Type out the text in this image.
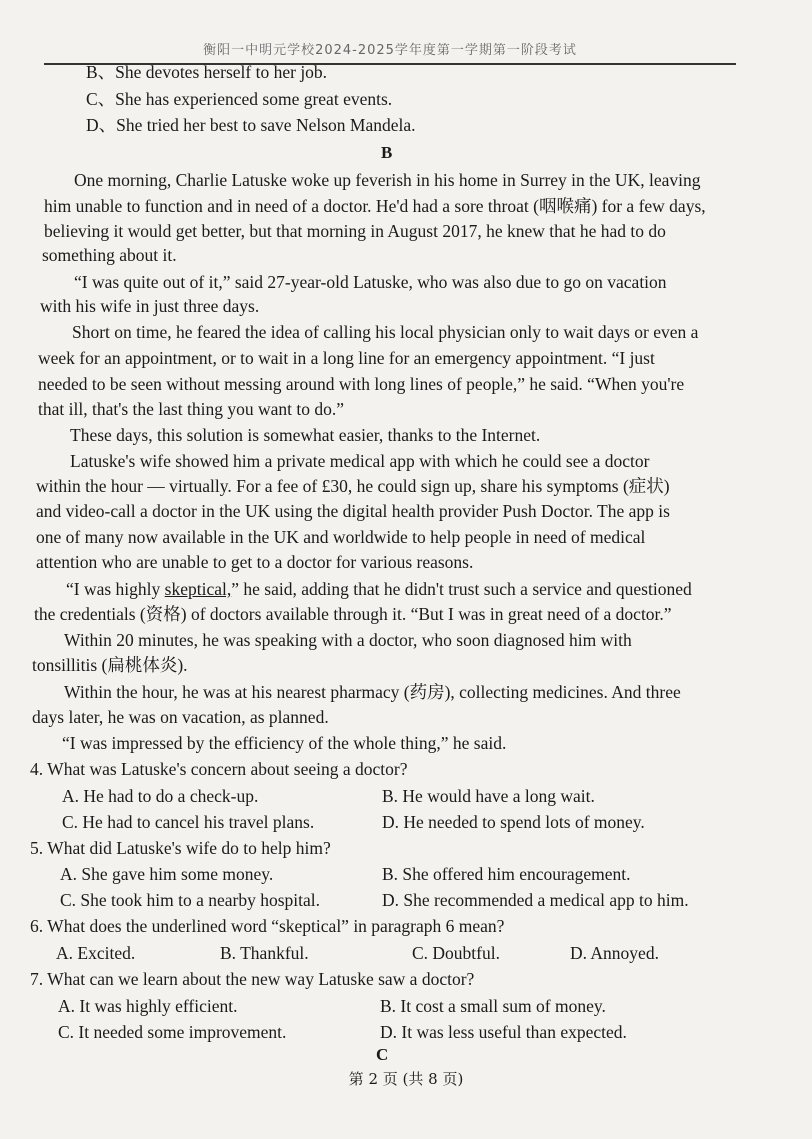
衡阳一中明元学校2024-2025学年度第一学期第一阶段考试
B、She devotes herself to her job.
C、She has experienced some great events.
D、She tried her best to save Nelson Mandela.
B
One morning, Charlie Latuske woke up feverish in his home in Surrey in the UK, leaving
him unable to function and in need of a doctor. He'd had a sore throat (咽喉痛) for a few days,
believing it would get better, but that morning in August 2017, he knew that he had to do
something about it.
“I was quite out of it,” said 27-year-old Latuske, who was also due to go on vacation
with his wife in just three days.
Short on time, he feared the idea of calling his local physician only to wait days or even a
week for an appointment, or to wait in a long line for an emergency appointment. “I just
needed to be seen without messing around with long lines of people,” he said. “When you're
that ill, that's the last thing you want to do.”
These days, this solution is somewhat easier, thanks to the Internet.
Latuske's wife showed him a private medical app with which he could see a doctor
within the hour — virtually. For a fee of £30, he could sign up, share his symptoms (症状)
and video-call a doctor in the UK using the digital health provider Push Doctor. The app is
one of many now available in the UK and worldwide to help people in need of medical
attention who are unable to get to a doctor for various reasons.
“I was highly skeptical,” he said, adding that he didn't trust such a service and questioned
the credentials (资格) of doctors available through it. “But I was in great need of a doctor.”
Within 20 minutes, he was speaking with a doctor, who soon diagnosed him with
tonsillitis (扁桃体炎).
Within the hour, he was at his nearest pharmacy (药房), collecting medicines. And three
days later, he was on vacation, as planned.
“I was impressed by the efficiency of the whole thing,” he said.
4. What was Latuske's concern about seeing a doctor?
A. He had to do a check-up.	B. He would have a long wait.
C. He had to cancel his travel plans.	D. He needed to spend lots of money.
5. What did Latuske's wife do to help him?
A. She gave him some money.	B. She offered him encouragement.
C. She took him to a nearby hospital.	D. She recommended a medical app to him.
6. What does the underlined word “skeptical” in paragraph 6 mean?
A. Excited.	B. Thankful.	C. Doubtful.	D. Annoyed.
7. What can we learn about the new way Latuske saw a doctor?
A. It was highly efficient.	B. It cost a small sum of money.
C. It needed some improvement.	D. It was less useful than expected.
C
第 2 页 (共 8 页)
